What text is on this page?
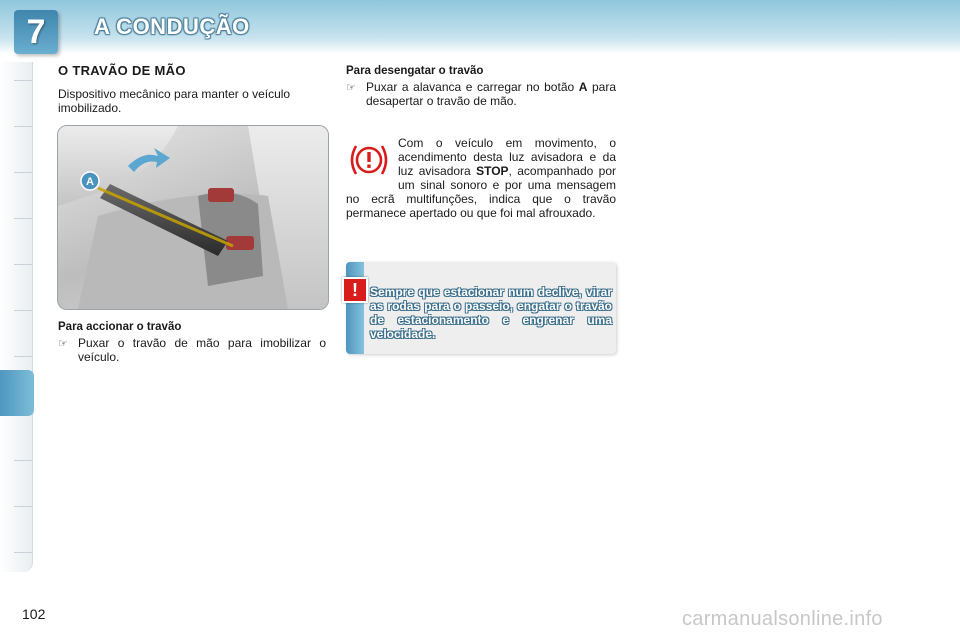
7	A CONDUÇÃO
O TRAVÃO DE MÃO

Dispositivo mecânico para manter o veículo imobilizado.

A
Para accionar o travão
☞ Puxar o travão de mão para imobilizar o veículo.
Para desengatar o travão
☞ Puxar a alavanca e carregar no botão A para desapertar o travão de mão.

Com o veículo em movimento, o acendimento desta luz avisadora e da luz avisadora STOP, acompanhado por um sinal sonoro e por uma mensagem no ecrã multifunções, indica que o travão permanece apertado ou que foi mal afrouxado.

!	Sempre que estacionar num declive, virar as rodas para o passeio, engatar o travão de estacionamento e engrenar uma velocidade.

102	carmanualsonline.info
